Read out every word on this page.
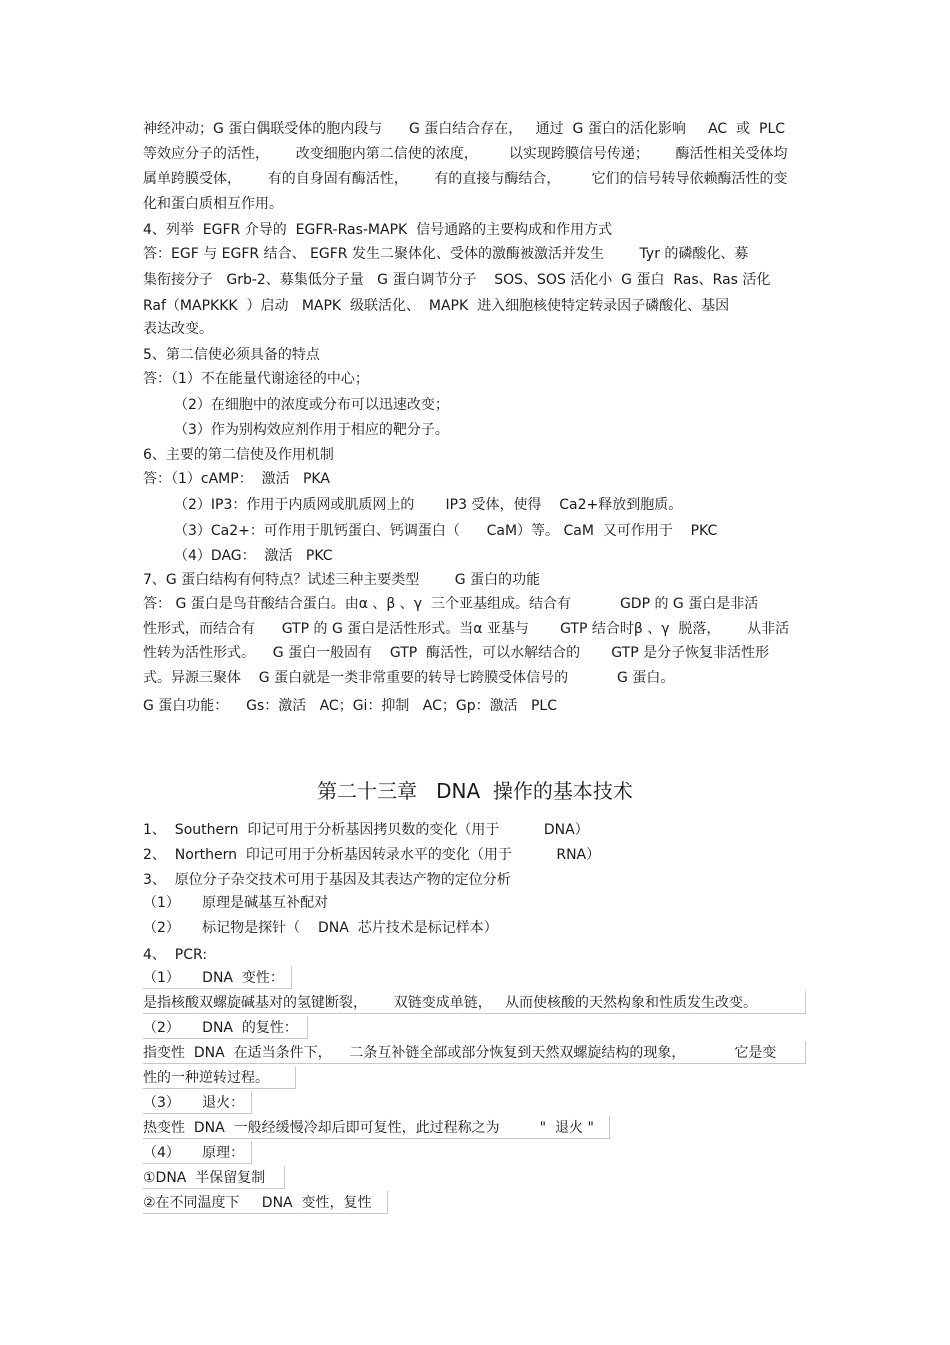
神经冲动；G 蛋白偶联受体的胞内段与      G 蛋白结合存在，   通过  G 蛋白的活化影响     AC  或  PLC
等效应分子的活性，      改变细胞内第二信使的浓度，       以实现跨膜信号传递；      酶活性相关受体均
属单跨膜受体，      有的自身固有酶活性，      有的直接与酶结合，       它们的信号转导依赖酶活性的变
化和蛋白质相互作用。
4、列举  EGFR 介导的  EGFR-Ras-MAPK  信号通路的主要构成和作用方式
答：EGF 与 EGFR 结合、 EGFR 发生二聚体化、受体的激酶被激活并发生        Tyr 的磷酸化、募
集衔接分子   Grb-2、募集低分子量   G 蛋白调节分子    SOS、SOS 活化小  G 蛋白  Ras、Ras 活化
Raf（MAPKKK  ）启动   MAPK  级联活化、  MAPK  进入细胞核使特定转录因子磷酸化、基因
表达改变。
5、第二信使必须具备的特点
答：（1）不在能量代谢途径的中心；
（2）在细胞中的浓度或分布可以迅速改变；
（3）作为别构效应剂作用于相应的靶分子。
6、主要的第二信使及作用机制
答：（1）cAMP：  激活   PKA
（2）IP3：作用于内质网或肌质网上的       IP3 受体，使得    Ca2+释放到胞质。
（3）Ca2+：可作用于肌钙蛋白、钙调蛋白（      CaM）等。 CaM  又可作用于    PKC
（4）DAG：  激活   PKC
7、G 蛋白结构有何特点？试述三种主要类型        G 蛋白的功能
答： G 蛋白是鸟苷酸结合蛋白。由α 、β 、γ  三个亚基组成。结合有           GDP 的 G 蛋白是非活
性形式，而结合有      GTP 的 G 蛋白是活性形式。当α 亚基与       GTP 结合时β 、γ  脱落，      从非活
性转为活性形式。    G 蛋白一般固有    GTP  酶活性，可以水解结合的       GTP 是分子恢复非活性形
式。异源三聚体    G 蛋白就是一类非常重要的转导七跨膜受体信号的           G 蛋白。
G 蛋白功能：    Gs：激活   AC；Gi：抑制   AC；Gp：激活   PLC
第二十三章   DNA  操作的基本技术
1、  Southern  印记可用于分析基因拷贝数的变化（用于          DNA）
2、  Northern  印记可用于分析基因转录水平的变化（用于          RNA）
3、  原位分子杂交技术可用于基因及其表达产物的定位分析
（1）     原理是碱基互补配对
（2）     标记物是探针（    DNA  芯片技术是标记样本）
4、  PCR:
（1）     DNA  变性：
是指核酸双螺旋碱基对的氢键断裂，      双链变成单链，   从而使核酸的天然构象和性质发生改变。
（2）     DNA  的复性：
指变性  DNA  在适当条件下，    二条互补链全部或部分恢复到天然双螺旋结构的现象，           它是变
性的一种逆转过程。
（3）     退火：
热变性  DNA  一般经缓慢冷却后即可复性，此过程称之为         "  退火 "
（4）     原理：
①DNA  半保留复制
②在不同温度下     DNA  变性，复性
